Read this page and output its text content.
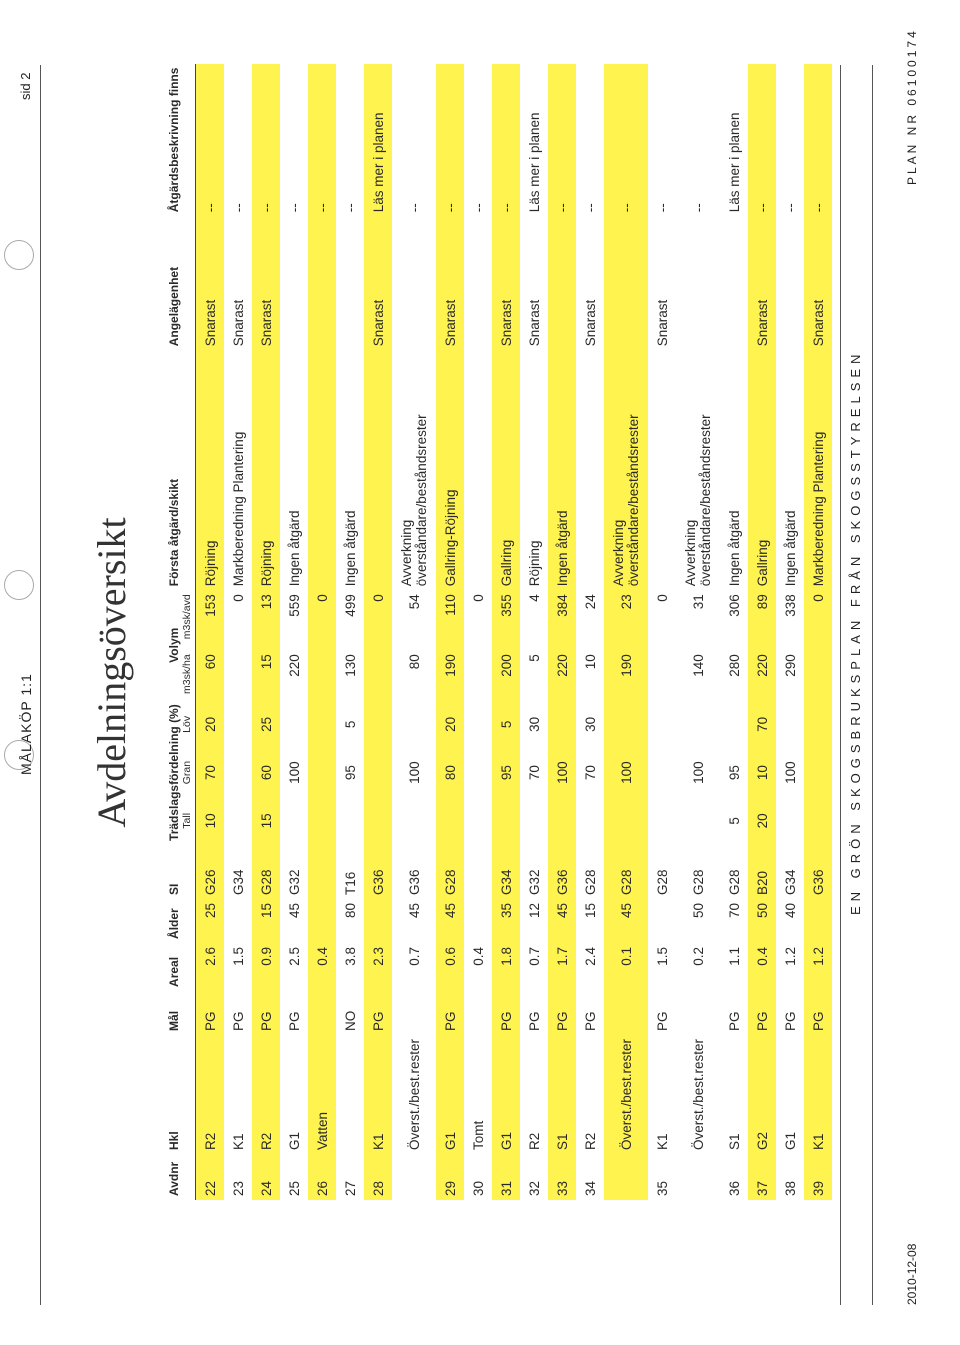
MÅLAKÖP 1:1
sid 2
Avdelningsöversikt
Avdnr	Hkl	Mål	Areal	Ålder	SI	Trädslagsfördelning (%)			Volym		Första åtgärd/skikt	Angelägenhet	Åtgärdsbeskrivning finns
						Tall	Gran	Löv	m3sk/ha	m3sk/avd			
22	R2	PG	2.6	25	G26	10	70	20	60	153	Röjning	Snarast	--
23	K1	PG	1.5		G34					0	Markberedning Plantering	Snarast	--
24	R2	PG	0.9	15	G28	15	60	25	15	13	Röjning	Snarast	--
25	G1	PG	2.5	45	G32		100		220	559	Ingen åtgärd		--
26	Vatten		0.4							0			--
27		NO	3.8	80	T16		95	5	130	499	Ingen åtgärd		--
28	K1	PG	2.3		G36					0		Snarast	Läs mer i planen
	Överst./best.rester		0.7	45	G36		100		80	54	Avverkning överståndare/beståndsrester		--
29	G1	PG	0.6	45	G28		80	20	190	110	Gallring-Röjning	Snarast	--
30	Tomt		0.4							0			--
31	G1	PG	1.8	35	G34		95	5	200	355	Gallring	Snarast	--
32	R2	PG	0.7	12	G32		70	30	5	4	Röjning	Snarast	Läs mer i planen
33	S1	PG	1.7	45	G36		100		220	384	Ingen åtgärd		--
34	R2	PG	2.4	15	G28		70	30	10	24		Snarast	--
	Överst./best.rester		0.1	45	G28		100		190	23	Avverkning överståndare/beståndsrester		--
35	K1	PG	1.5		G28					0		Snarast	--
	Överst./best.rester		0.2	50	G28		100		140	31	Avverkning överståndare/beståndsrester		--
36	S1	PG	1.1	70	G28	5	95		280	306	Ingen åtgärd		Läs mer i planen
37	G2	PG	0.4	50	B20	20	10	70	220	89	Gallring	Snarast	--
38	G1	PG	1.2	40	G34		100		290	338	Ingen åtgärd		--
39	K1	PG	1.2		G36					0	Markberedning Plantering	Snarast	--
EN GRÖN SKOGSBRUKSPLAN FRÅN SKOGSSTYRELSEN
2010-12-08
PLAN NR 06100174
